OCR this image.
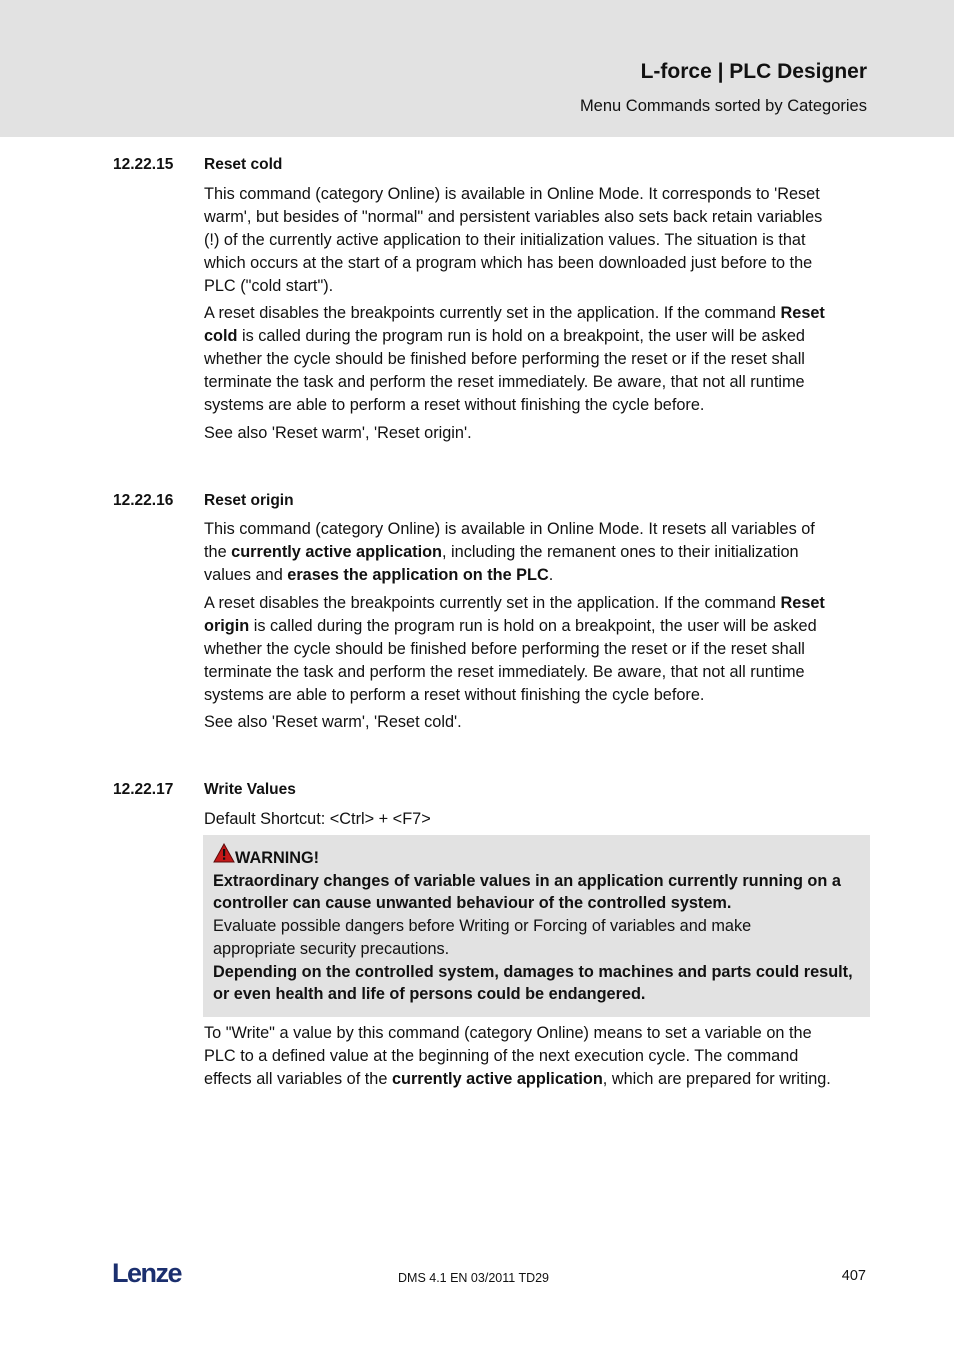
L-force | PLC Designer
Menu Commands sorted by Categories
12.22.15 Reset cold
This command (category Online) is available in Online Mode. It corresponds to 'Reset
warm', but besides of "normal" and persistent variables also sets back retain variables
(!) of the currently active application to their initialization values. The situation is that
which occurs at the start of a program which has been downloaded just before to the
PLC ("cold start").
A reset disables the breakpoints currently set in the application. If the command Reset
cold is called during the program run is hold on a breakpoint, the user will be asked
whether the cycle should be finished before performing the reset or if the reset shall
terminate the task and perform the reset immediately. Be aware, that not all runtime
systems are able to perform a reset without finishing the cycle before.
See also 'Reset warm', 'Reset origin'.
12.22.16 Reset origin
This command (category Online) is available in Online Mode. It resets all variables of
the currently active application, including the remanent ones to their initialization
values and erases the application on the PLC.
A reset disables the breakpoints currently set in the application. If the command Reset
origin is called during the program run is hold on a breakpoint, the user will be asked
whether the cycle should be finished before performing the reset or if the reset shall
terminate the task and perform the reset immediately. Be aware, that not all runtime
systems are able to perform a reset without finishing the cycle before.
See also 'Reset warm', 'Reset cold'.
12.22.17 Write Values
Default Shortcut: <Ctrl> + <F7>
WARNING!
Extraordinary changes of variable values in an application currently running on a
controller can cause unwanted behaviour of the controlled system.
Evaluate possible dangers before Writing or Forcing of variables and make
appropriate security precautions.
Depending on the controlled system, damages to machines and parts could result,
or even health and life of persons could be endangered.
To "Write" a value by this command (category Online) means to set a variable on the
PLC to a defined value at the beginning of the next execution cycle. The command
effects all variables of the currently active application, which are prepared for writing.
Lenze	DMS 4.1 EN 03/2011 TD29	407
